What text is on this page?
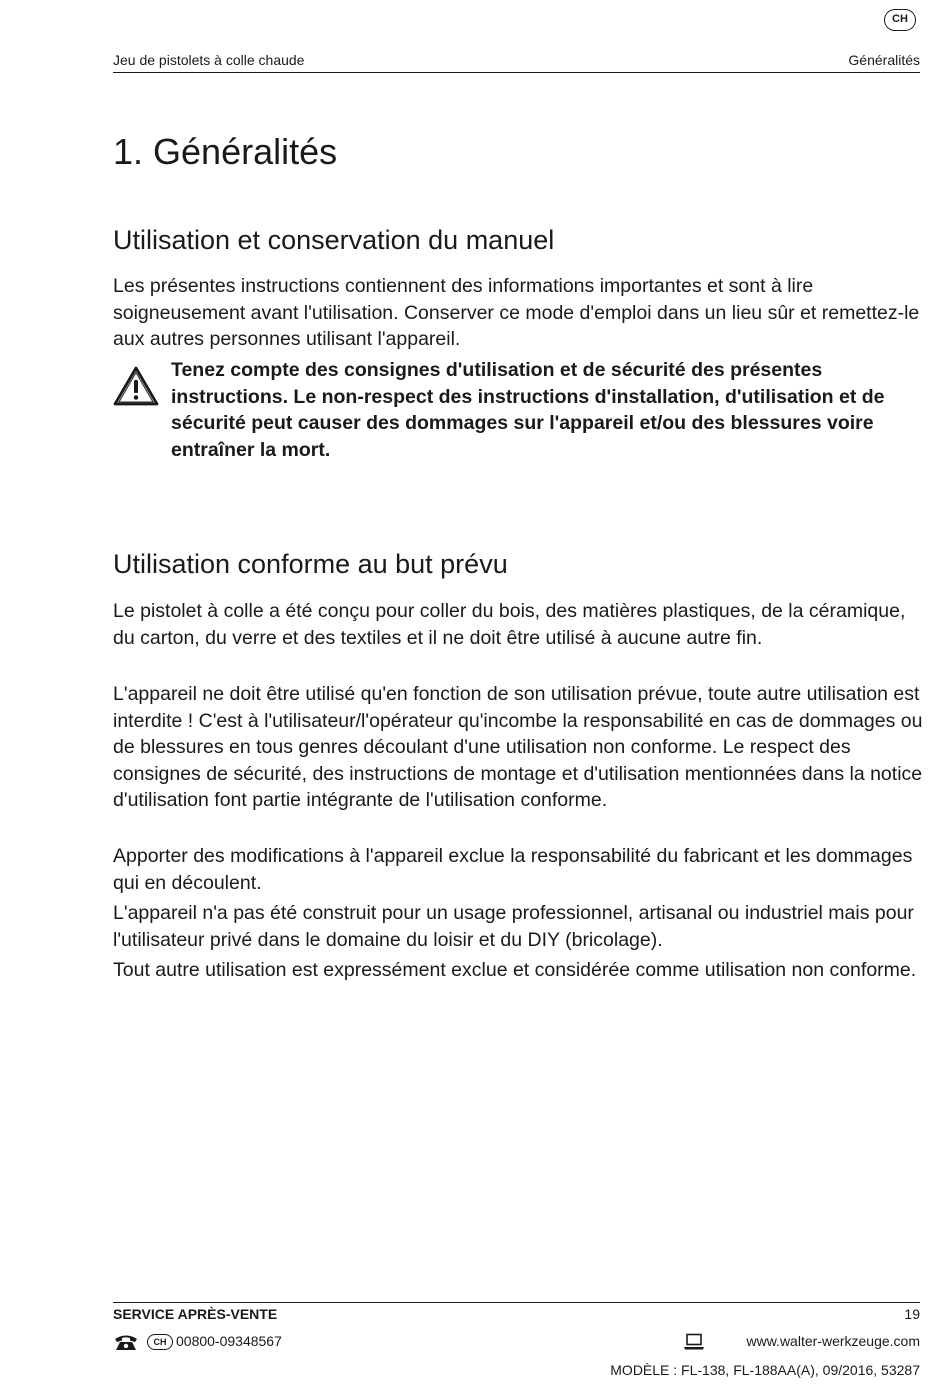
CH
Jeu de pistolets à colle chaude	Généralités
1. Généralités
Utilisation et conservation du manuel

Les présentes instructions contiennent des informations importantes et sont à lire soigneusement avant l'utilisation. Conserver ce mode d'emploi dans un lieu sûr et remettez-le aux autres personnes utilisant l'appareil.

Tenez compte des consignes d'utilisation et de sécurité des présentes instructions. Le non-respect des instructions d'installation, d'utilisation et de sécurité peut causer des dommages sur l'appareil et/ou des blessures voire entraîner la mort.

Utilisation conforme au but prévu

Le pistolet à colle a été conçu pour coller du bois, des matières plastiques, de la céramique, du carton, du verre et des textiles et il ne doit être utilisé à aucune autre fin.

L'appareil ne doit être utilisé qu'en fonction de son utilisation prévue, toute autre utilisation est interdite ! C'est à l'utilisateur/l'opérateur qu'incombe la responsabilité en cas de dommages ou de blessures en tous genres découlant d'une utilisation non conforme. Le respect des consignes de sécurité, des instructions de montage et d'utilisation mentionnées dans la notice d'utilisation font partie intégrante de l'utilisation conforme.

Apporter des modifications à l'appareil exclue la responsabilité du fabricant et les dommages qui en découlent.

L'appareil n'a pas été construit pour un usage professionnel, artisanal ou industriel mais pour l'utilisateur privé dans le domaine du loisir et du DIY (bricolage).

Tout autre utilisation est expressément exclue et considérée comme utilisation non conforme.

SERVICE APRÈS-VENTE	19
CH 00800-09348567	www.walter-werkzeuge.com
MODÈLE : FL-138, FL-188AA(A), 09/2016, 53287
